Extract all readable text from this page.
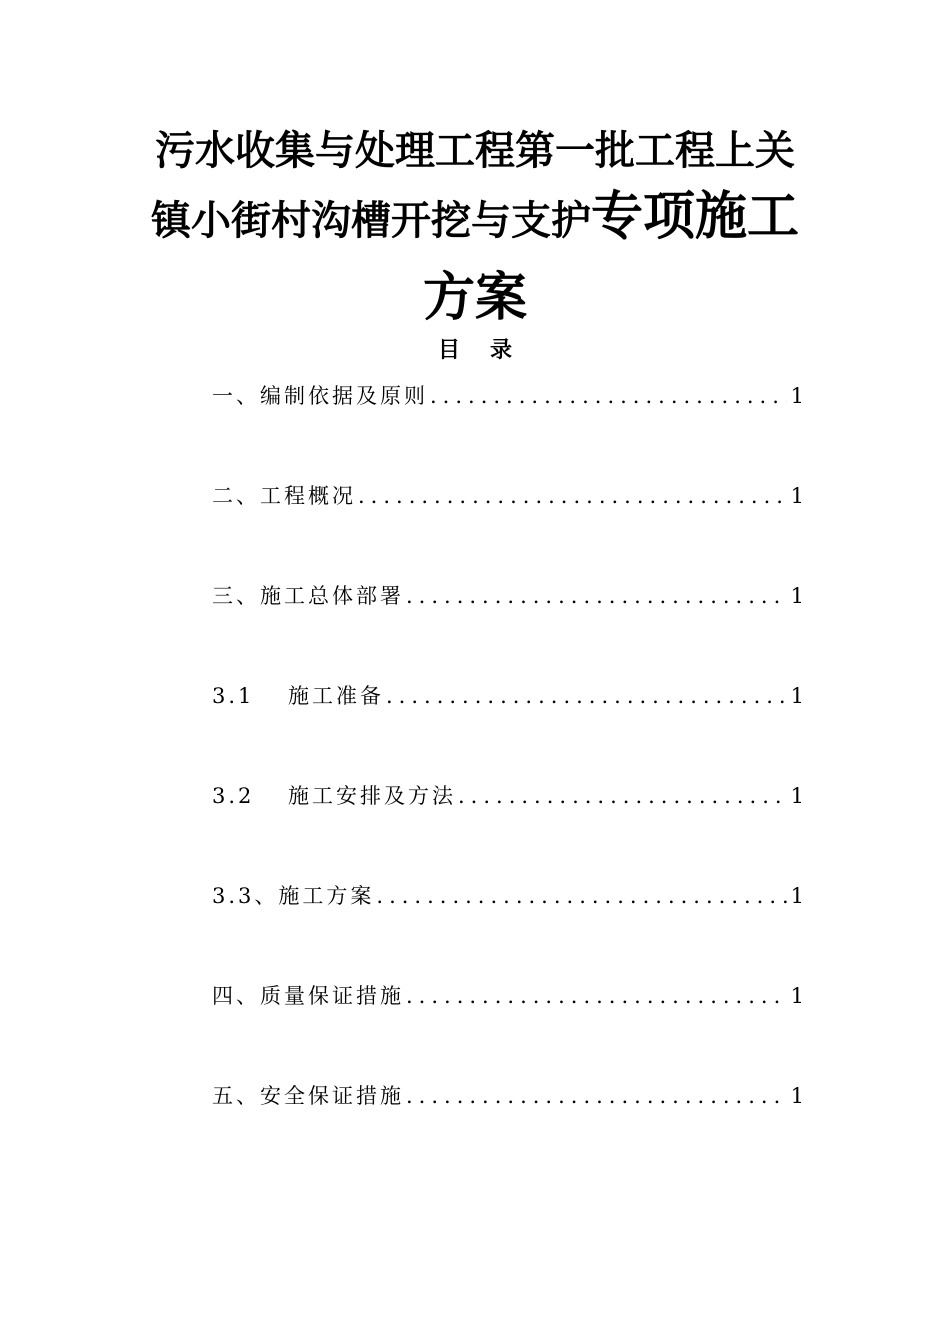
污水收集与处理工程第一批工程上关
镇小街村沟槽开挖与支护专项施工
方案
目录
一、 编制依据及原则 .....	1
二、 工程概况 .....	1
三、 施工总体部署 .....	1
3.1	施工准备 .....	1
3.2	施工安排及方法 .....	1
3.3、 施工方案 .....	1
四、 质量保证措施 .....	1
五、 安全保证措施 .....	1
